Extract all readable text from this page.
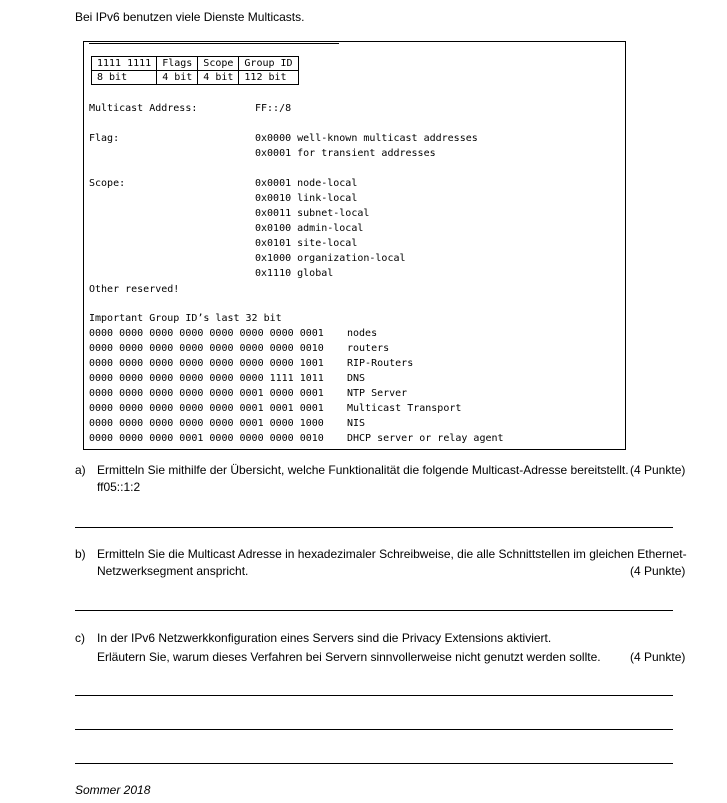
Bei IPv6 benutzen viele Dienste Multicasts.
1111 1111	Flags	Scope	Group ID
8 bit	4 bit	4 bit	112 bit
Multicast Address:	FF::/8
Flag:	0x0000 well-known multicast addresses
0x0001 for transient addresses
Scope:	0x0001 node-local
0x0010 link-local
0x0011 subnet-local
0x0100 admin-local
0x0101 site-local
0x1000 organization-local
0x1110 global
Other reserved!
Important Group ID’s last 32 bit
0000 0000 0000 0000 0000 0000 0000 0001 nodes
0000 0000 0000 0000 0000 0000 0000 0010 routers
0000 0000 0000 0000 0000 0000 0000 1001 RIP-Routers
0000 0000 0000 0000 0000 0000 1111 1011 DNS
0000 0000 0000 0000 0000 0001 0000 0001 NTP Server
0000 0000 0000 0000 0000 0001 0001 0001 Multicast Transport
0000 0000 0000 0000 0000 0001 0000 1000 NIS
0000 0000 0000 0001 0000 0000 0000 0010 DHCP server or relay agent
a) Ermitteln Sie mithilfe der Übersicht, welche Funktionalität die folgende Multicast-Adresse bereitstellt. (4 Punkte)
ff05::1:2
b) Ermitteln Sie die Multicast Adresse in hexadezimaler Schreibweise, die alle Schnittstellen im gleichen Ethernet-
Netzwerksegment anspricht.	(4 Punkte)
c) In der IPv6 Netzwerkkonfiguration eines Servers sind die Privacy Extensions aktiviert.
Erläutern Sie, warum dieses Verfahren bei Servern sinnvollerweise nicht genutzt werden sollte. (4 Punkte)
Sommer 2018
